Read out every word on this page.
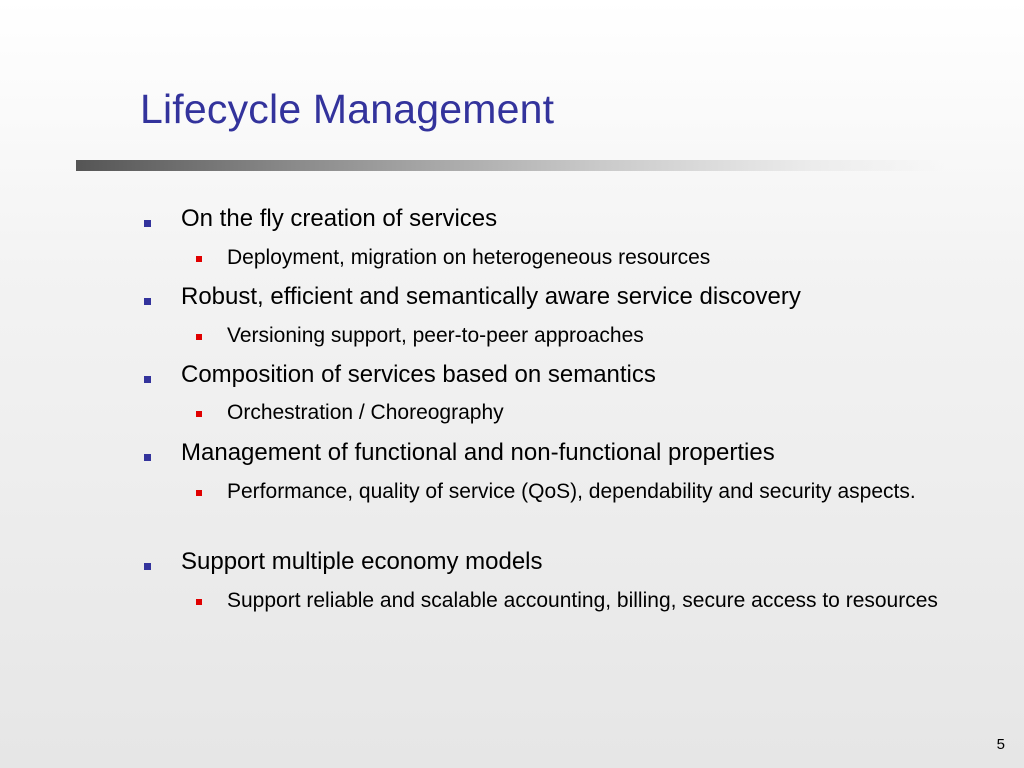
Lifecycle Management
On the fly creation of services
Deployment, migration on heterogeneous resources
Robust, efficient and semantically aware service discovery
Versioning support, peer-to-peer approaches
Composition of services based on semantics
Orchestration / Choreography
Management of functional and non-functional properties
Performance, quality of service (QoS), dependability and security aspects.
Support multiple economy models
Support reliable and scalable accounting, billing, secure access to resources
5
